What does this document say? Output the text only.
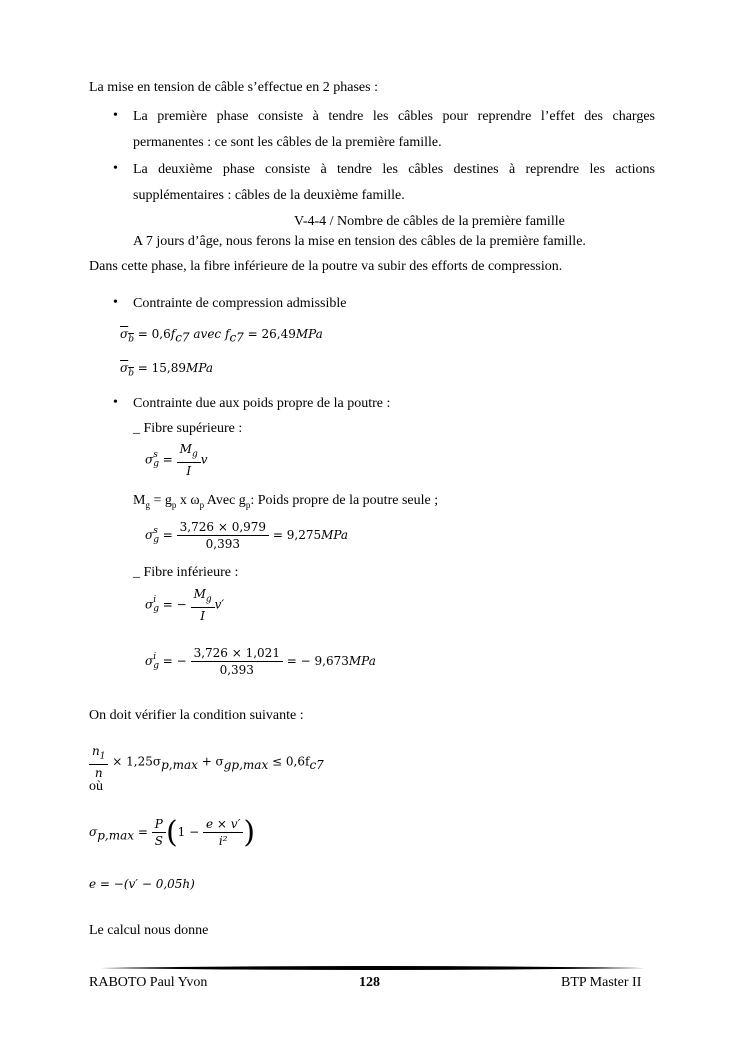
La mise en tension de câble s’effectue en 2 phases :
• La première phase consiste à tendre les câbles pour reprendre l’effet des charges
permanentes : ce sont les câbles de la première famille.
• La deuxième phase consiste à tendre les câbles destines à reprendre les actions
supplémentaires : câbles de la deuxième famille.
V-4-4 / Nombre de câbles de la première famille
A 7 jours d’âge, nous ferons la mise en tension des câbles de la première famille.
Dans cette phase, la fibre inférieure de la poutre va subir des efforts de compression.
• Contrainte de compression admissible
$\sigma_b = 0,6f_{c7}$ avec $f_{c7} = 26,49MPa$
$\sigma_b = 15,89MPa$
• Contrainte due aux poids propre de la poutre :
_ Fibre supérieure :
σs
$g = \frac{M_g}{I}$ v
$M_g = g_p$ x $\omega_p$ Avec $g_p$: Poids propre de la poutre seule ;
σs
$g = \frac{3,726 \times 0,979}{0,393} = 9,275MPa$
_ Fibre inférieure :
σi
g = − $\frac{M_g}{I} v'$
σi
g = − $\frac{3,726 \times 1,021}{0,393}$ = − 9,673MPa
On doit vérifier la condition suivante :
$\frac{n_1}{n} \times 1,25\sigma_{p,max} + \sigma_{gp,max} \le 0,6f_{c7}$
où
$\sigma_{p,max} = \frac{P}{S} (1 - \frac{e \times v'}{\text{i²}}$ )
e = −(v′ − 0,05h)
Le calcul nous donne
RABOTO Paul Yvon	128	BTP Master II
